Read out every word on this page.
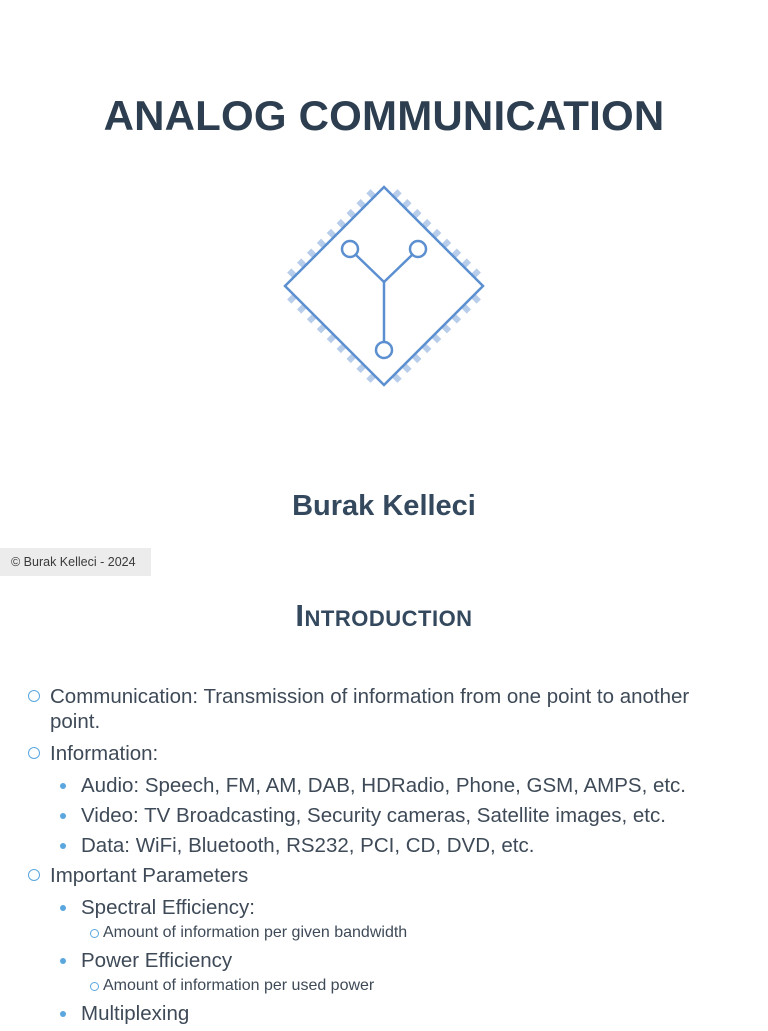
ANALOG COMMUNICATION
Burak Kelleci
© Burak Kelleci - 2024
Introduction
Communication: Transmission of information from one point to another point.
Information:
Audio: Speech, FM, AM, DAB, HDRadio, Phone, GSM, AMPS, etc.
Video: TV Broadcasting, Security cameras, Satellite images, etc.
Data: WiFi, Bluetooth, RS232, PCI, CD, DVD, etc.
Important Parameters
Spectral Efficiency:
Amount of information per given bandwidth
Power Efficiency
Amount of information per used power
Multiplexing
